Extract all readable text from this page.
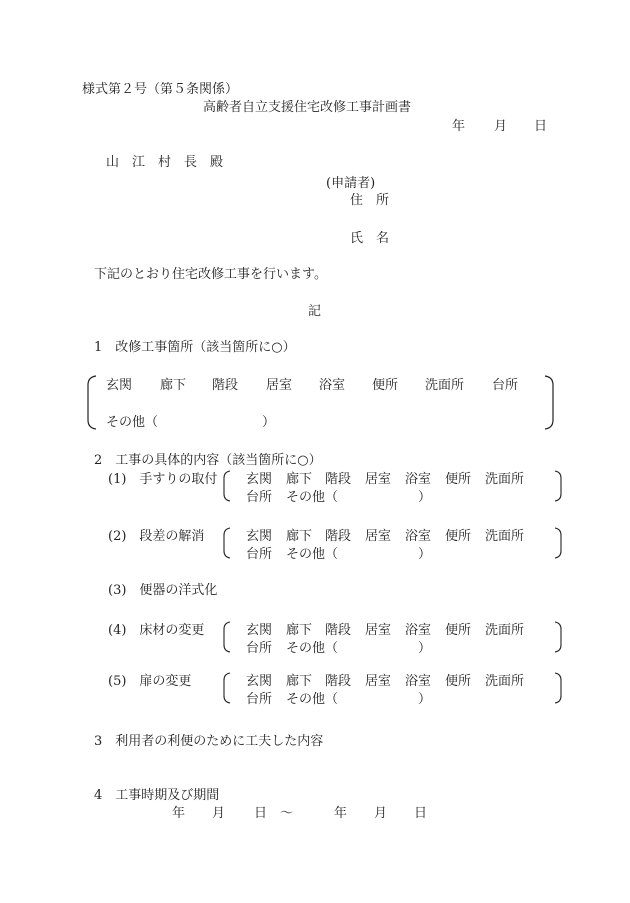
様式第２号（第５条関係）
高齢者自立支援住宅改修工事計画書
年 月 日
山　江　村　長　殿
(申請者)
住　所
氏　名
下記のとおり住宅改修工事を行います。
記
1　改修工事箇所（該当箇所に○）
玄関 廊下 階段 居室 浴室 便所 洗面所 台所
その他（	）
2　工事の具体的内容（該当箇所に○）
(1)　手すりの取付 玄関 廊下 階段 居室 浴室 便所 洗面所
台所 その他（	）
(2)　段差の解消	玄関 廊下 階段 居室 浴室 便所 洗面所
台所 その他（	）
(3)　便器の洋式化
(4)　床材の変更	玄関 廊下 階段 居室 浴室 便所 洗面所
台所 その他（	）
(5)　扉の変更	玄関 廊下 階段 居室 浴室 便所 洗面所
台所 その他（	）
3　利用者の利便のために工夫した内容
4　工事時期及び期間
年 月 日 ～	年 月 日
